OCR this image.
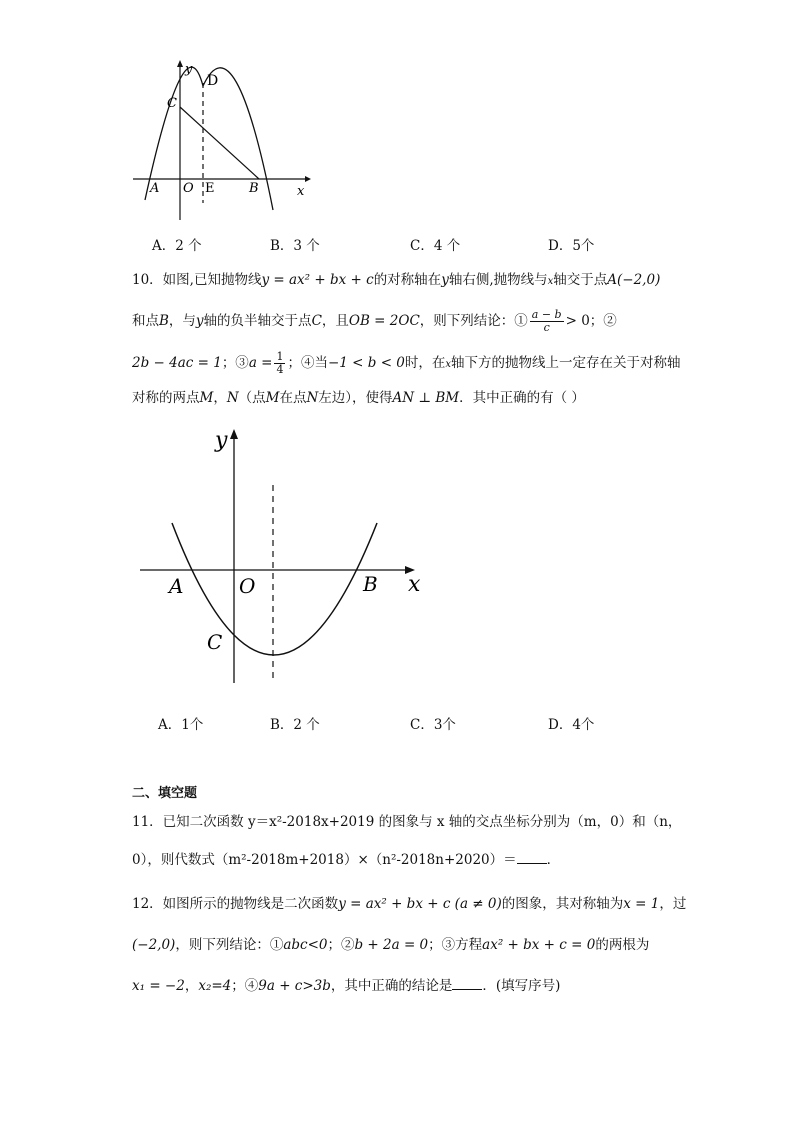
y
D
C
A O E	B	x
A．2 个	B．3 个	C．4 个	D．5个
10．如图,已知抛物线y = ax² + bx + c的对称轴在y轴右侧,抛物线与x轴交于点A(−2,0)
和点B，与y轴的负半轴交于点C，且OB = 2OC，则下列结论：① $\frac{a - b}{c} > 0$；②
2b − 4ac = 1；③a = $\frac{1}{4}$ ；④当−1 < b < 0时，在x轴下方的抛物线上一定存在关于对称轴
对称的两点M，N（点M在点N左边），使得AN ⊥ BM．其中正确的有（ ）
y
A	O	B x
C
A．1个	B．2 个	C．3个	D．4个
二、填空题
11．已知二次函数 y＝x²-2018x+2019 的图象与 x 轴的交点坐标分别为（m，0）和（n，
0），则代数式（m²-2018m+2018）×（n²-2018n+2020）＝ ．
12．如图所示的抛物线是二次函数y = ax² + bx + c (a ≠ 0)的图象，其对称轴为x = 1，过
(−2,0)，则下列结论：①abc<0；②b + 2a = 0；③方程ax² + bx + c = 0的两根为
x₁ = −2，x₂=4；④9a + c>3b，其中正确的结论是 ．(填写序号)
